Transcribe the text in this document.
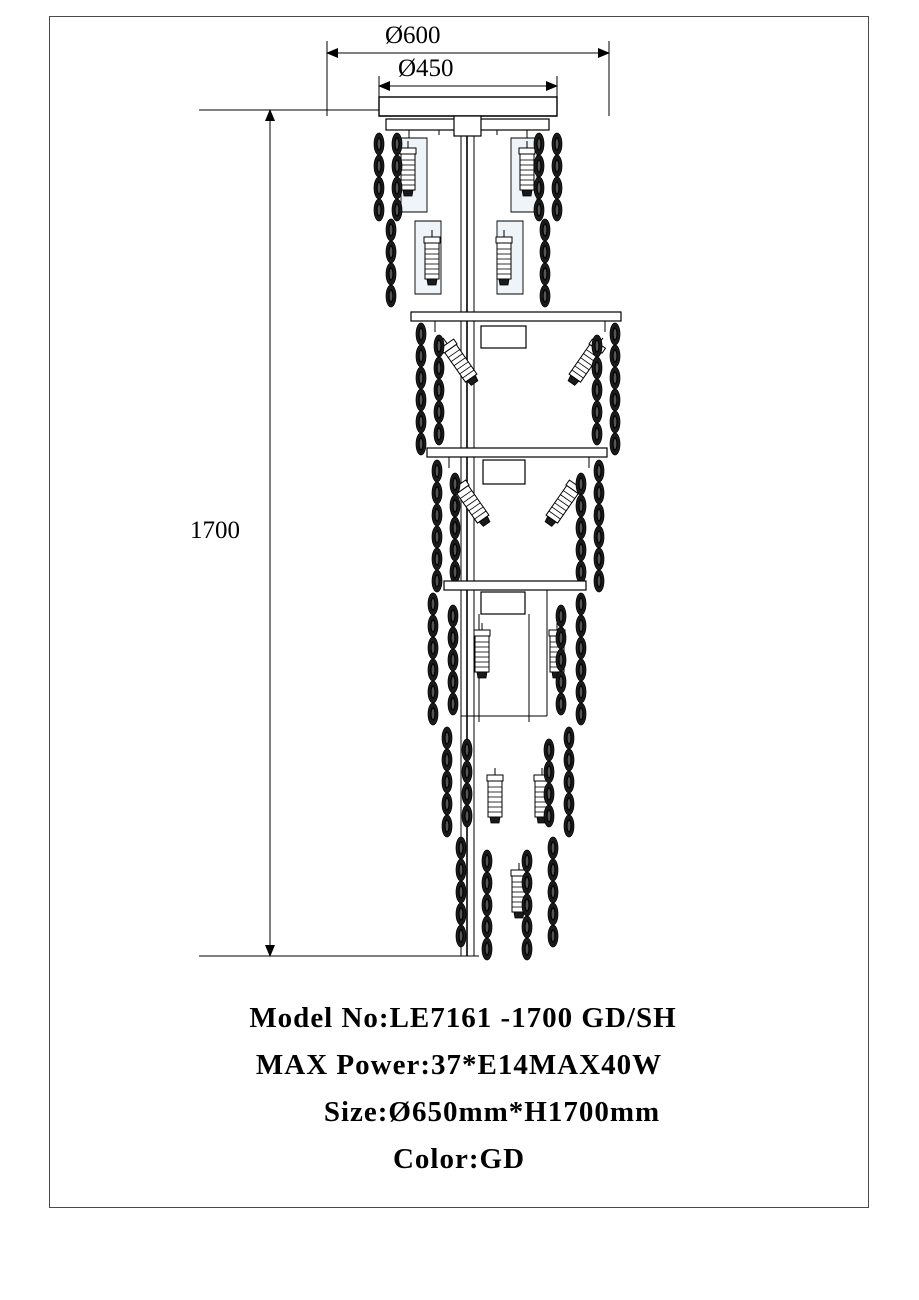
Ø600
Ø450
1700
Model No:LE7161 -1700 GD/SH
MAX Power:37*E14MAX40W
Size:Ø650mm*H1700mm
Color:GD
